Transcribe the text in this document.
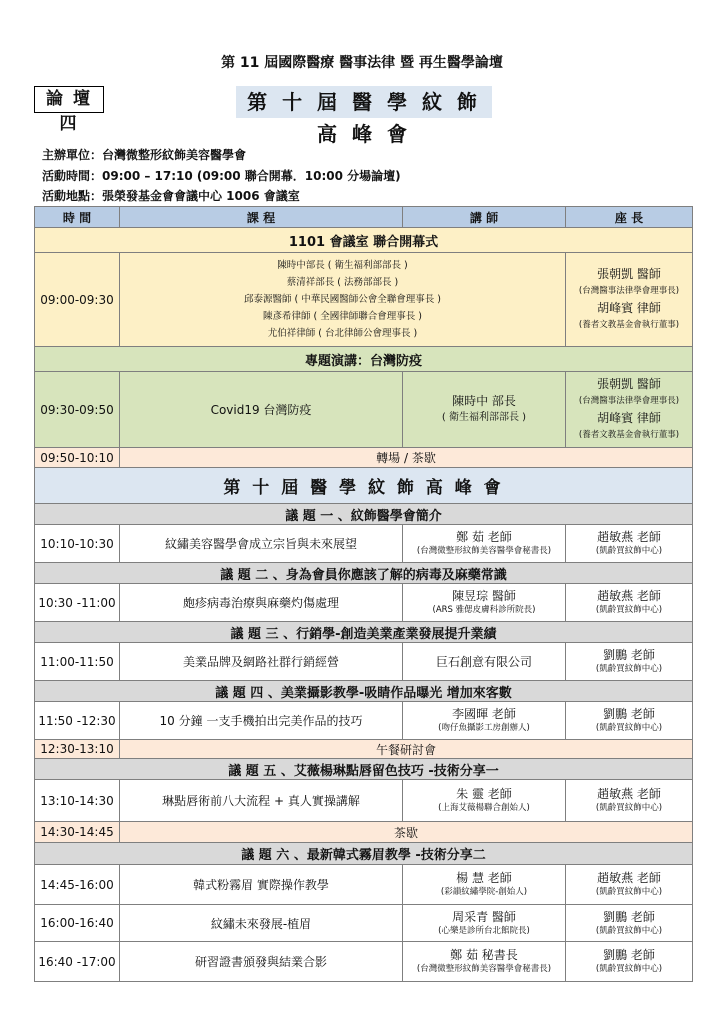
第 11 屆國際醫療 醫事法律 暨 再生醫學論壇
論 壇 四
第 十 屆 醫 學 紋 飾 高 峰 會
主辦單位：台灣微整形紋飾美容醫學會
活動時間：09:00 – 17:10 (09:00 聯合開幕．10:00 分場論壇)
活動地點：張榮發基金會會議中心 1006 會議室
時 間	課 程	講 師	座 長
1101 會議室 聯合開幕式			
09:00-09:30	陳時中部長 ( 衛生福利部部長 )
蔡清祥部長 ( 法務部部長 )
邱泰源醫師 ( 中華民國醫師公會全聯會理事長 )
陳彥希律師 ( 全國律師聯合會理事長 )
尤伯祥律師 ( 台北律師公會理事長 )		張朝凱 醫師
(台灣醫事法律學會理事長)
胡峰賓 律師
(養者文教基金會執行董事)

專題演講：台灣防疫			
09:30-09:50	Covid19 台灣防疫	陳時中 部長
( 衛生福利部部長 )	張朝凱 醫師
(台灣醫事法律學會理事長)
胡峰賓 律師
(養者文教基金會執行董事)

09:50-10:10	轉場 / 茶歇		
第 十 屆 醫 學 紋 飾 高 峰 會			
議 題 一 、紋飾醫學會簡介			
10:10-10:30	紋繡美容醫學會成立宗旨與未來展望	鄭 茹 老師
(台灣微整形紋飾美容醫學會秘書長)	趙敏燕 老師
(凱齡買紋飾中心)

議 題 二 、身為會員你應該了解的病毒及麻藥常識			
10:30 -11:00	皰疹病毒治療與麻藥灼傷處理	陳昱琮 醫師
(ARS 雅偲皮膚科診所院長)	趙敏燕 老師
(凱齡買紋飾中心)

議 題 三 、行銷學-創造美業產業發展提升業績			
11:00-11:50	美業品牌及網路社群行銷經營	巨石創意有限公司	劉鵬 老師
(凱齡買紋飾中心)

議 題 四 、美業攝影教學-吸睛作品曝光 增加來客數			
11:50 -12:30	10 分鐘 一支手機拍出完美作品的技巧	李國暉 老師
(吻仔魚攝影工房創辦人)	劉鵬 老師
(凱齡買紋飾中心)

12:30-13:10	午餐研討會		
議 題 五 、艾薇楊琳點唇留色技巧 -技術分享一			
13:10-14:30	琳點唇術前八大流程 + 真人實操講解	朱 靈 老師
(上海艾薇楊聯合創始人)	趙敏燕 老師
(凱齡買紋飾中心)

14:30-14:45	茶歇		
議 題 六 、最新韓式霧眉教學 -技術分享二			
14:45-16:00	韓式粉霧眉 實際操作教學	楊 慧 老師
(彩韻紋繡學院-創始人)	趙敏燕 老師
(凱齡買紋飾中心)

16:00-16:40	紋繡未來發展-植眉	周采青 醫師
(心樂是診所台北館院長)	劉鵬 老師
(凱齡買紋飾中心)

16:40 -17:00	研習證書頒發與結業合影	鄭 茹 秘書長
(台灣微整形紋飾美容醫學會秘書長)	劉鵬 老師
(凱齡買紋飾中心)
